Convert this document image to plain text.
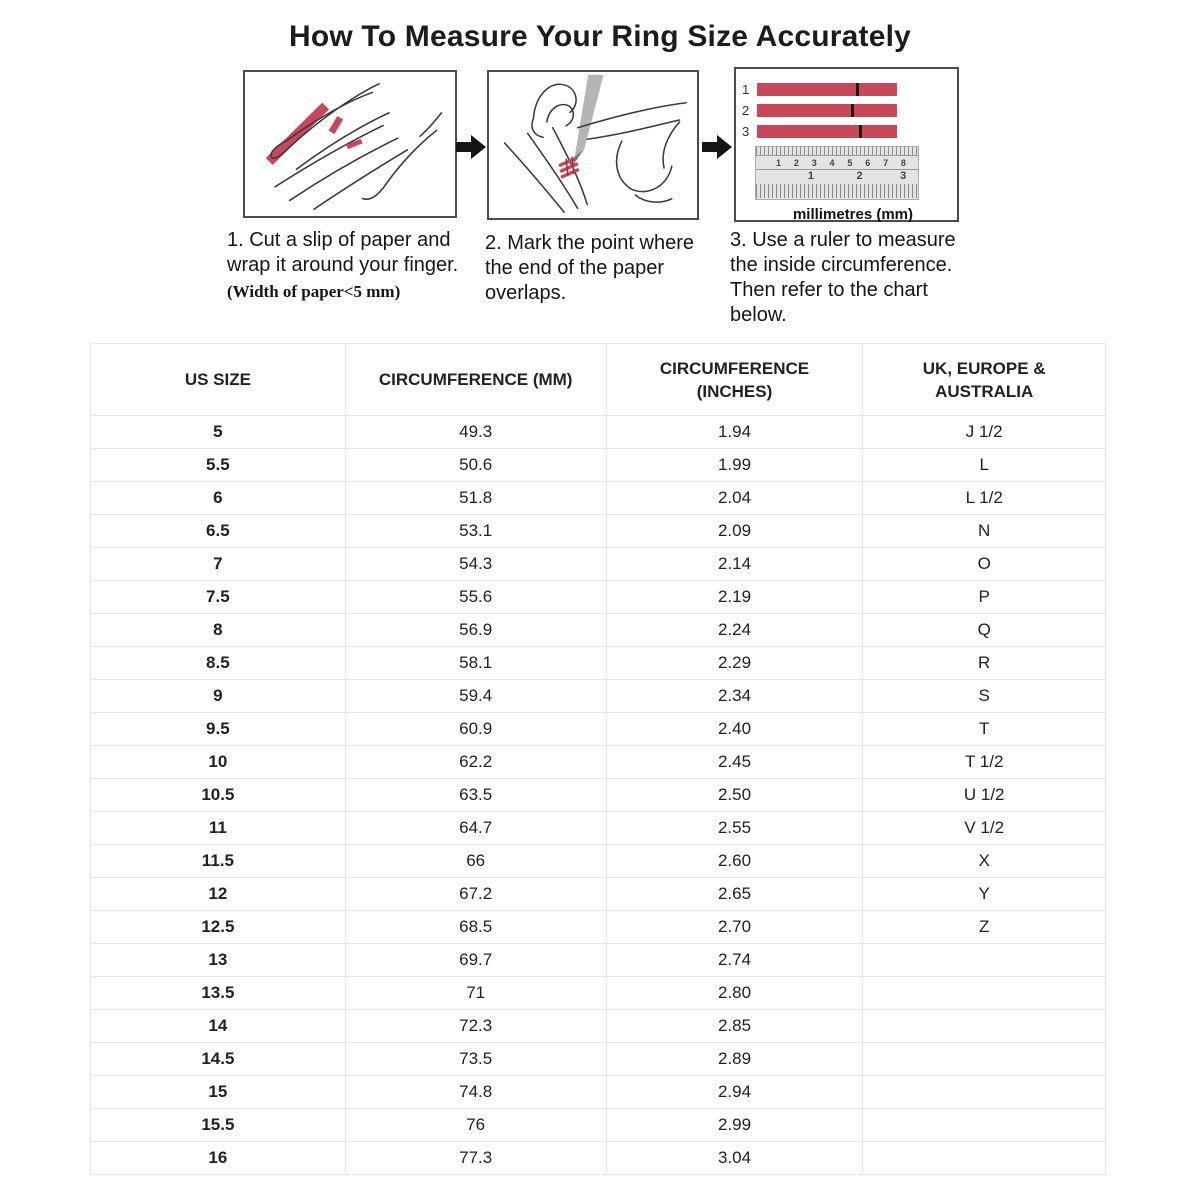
How To Measure Your Ring Size Accurately
1
2
3
1 2 3 4 5 6 7 8
1	2	3
millimetres (mm)
1. Cut a slip of paper and wrap it around your finger.
(Width of paper<5 mm)
2. Mark the point where the end of the paper overlaps.
3. Use a ruler to measure the inside circumference. Then refer to the chart below.
US SIZE	CIRCUMFERENCE (MM)

CIRCUMFERENCE
(INCHES)

UK, EUROPE &
AUSTRALIA

5	49.3	1.94	J 1/2
5.5	50.6	1.99	L
6	51.8	2.04	L 1/2
6.5	53.1	2.09	N
7	54.3	2.14	O
7.5	55.6	2.19	P
8	56.9	2.24	Q
8.5	58.1	2.29	R
9	59.4	2.34	S
9.5	60.9	2.40	T
10	62.2	2.45	T 1/2
10.5	63.5	2.50	U 1/2
11	64.7	2.55	V 1/2
11.5	66	2.60	X
12	67.2	2.65	Y
12.5	68.5	2.70	Z
13	69.7	2.74	
13.5	71	2.80	
14	72.3	2.85	
14.5	73.5	2.89	
15	74.8	2.94	
15.5	76	2.99	
16	77.3	3.04	
